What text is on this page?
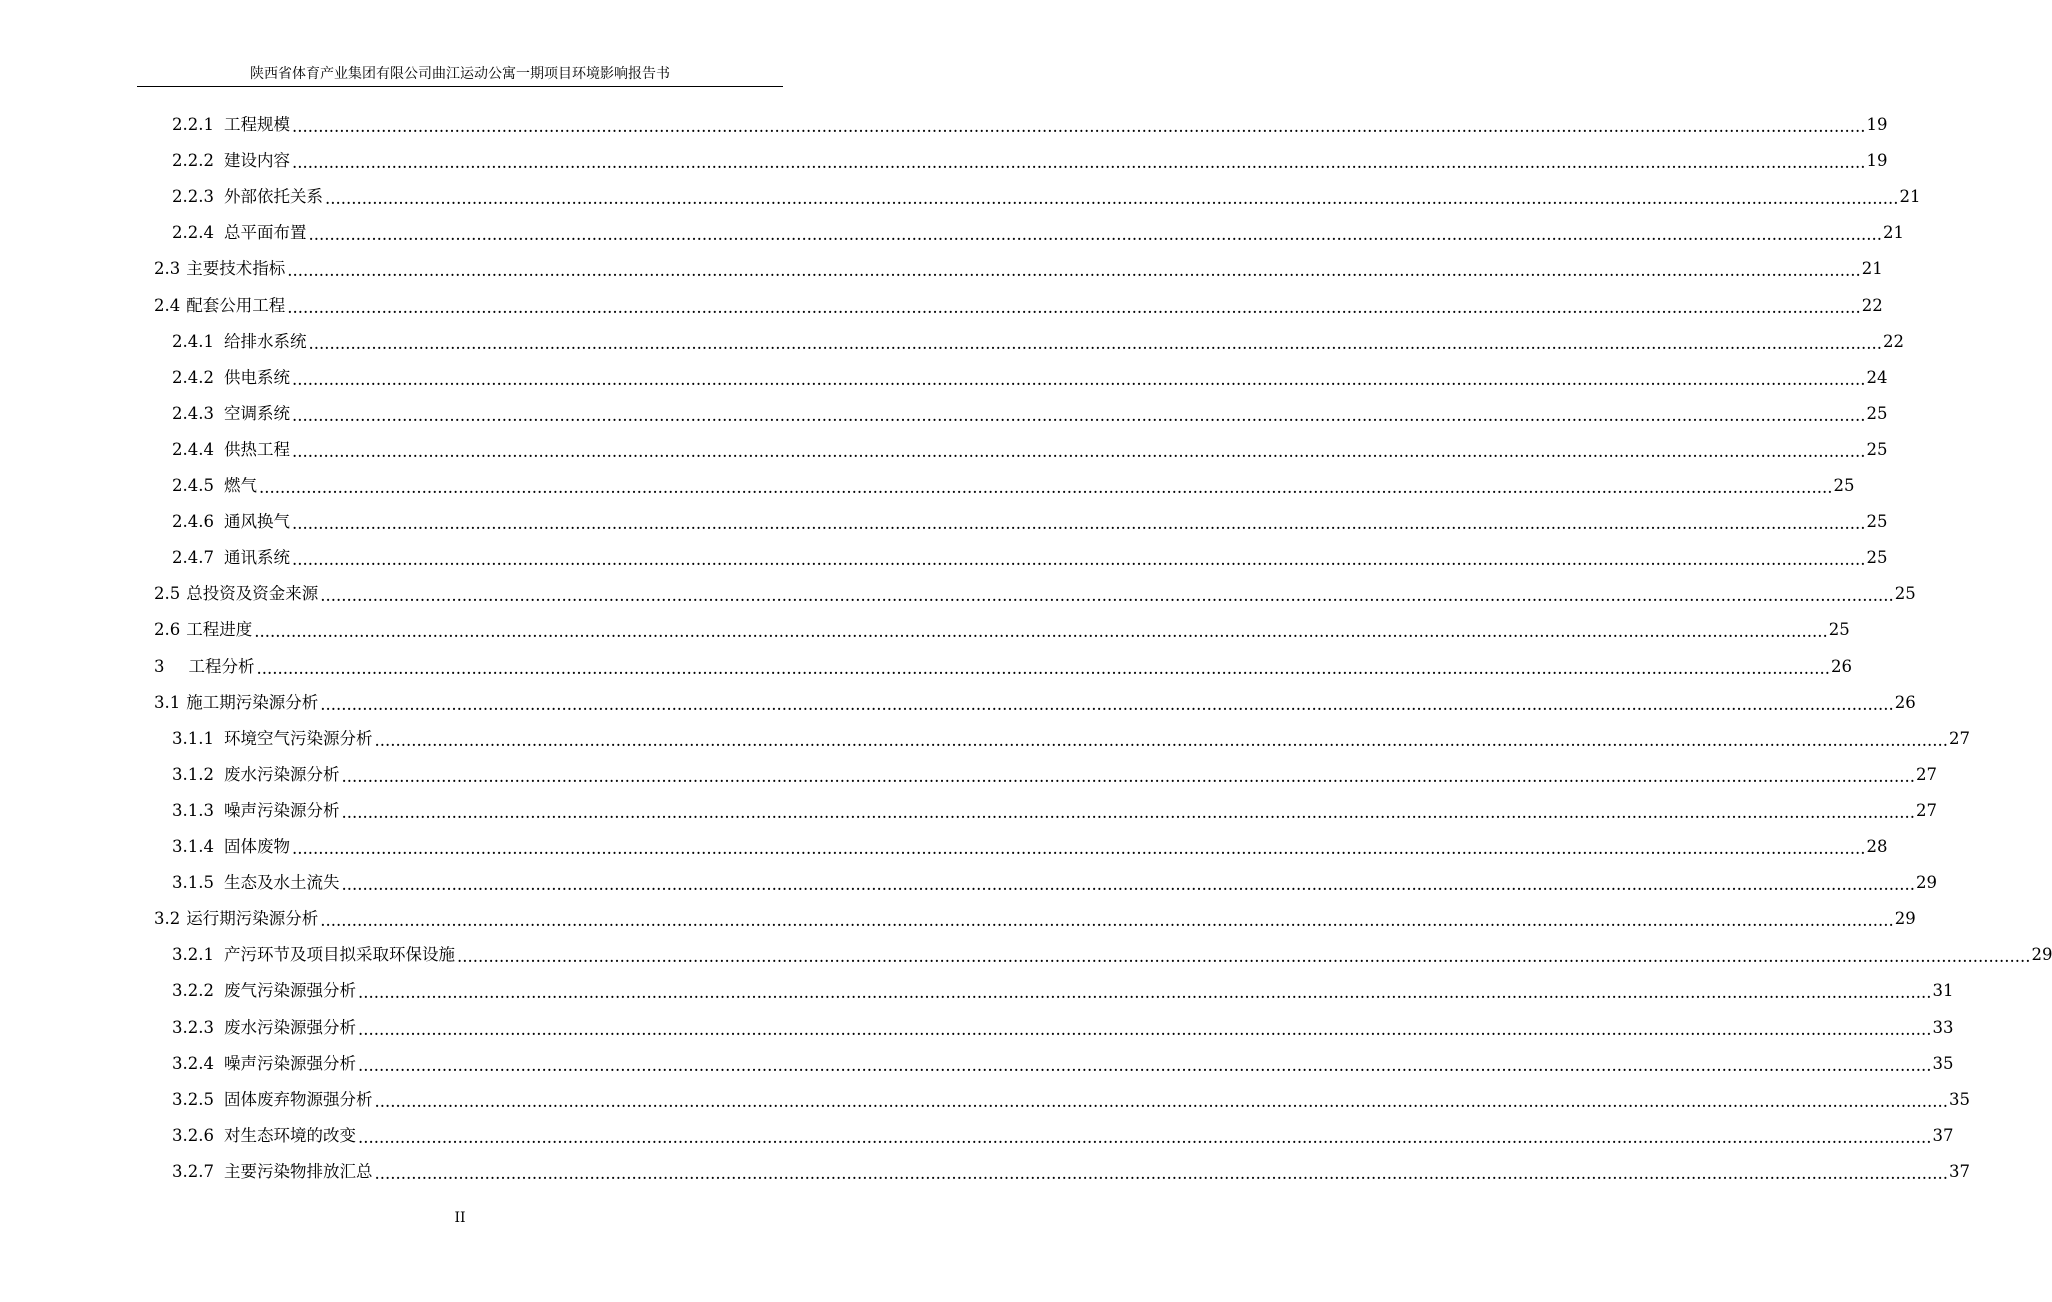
陕西省体育产业集团有限公司曲江运动公寓一期项目环境影响报告书
2.2.1 工程规模 ............................................................................................................................................................................................................................................................................................................ 19
2.2.2 建设内容 ............................................................................................................................................................................................................................................................................................................ 19
2.2.3 外部依托关系 ............................................................................................................................................................................................................................................................................................................ 21
2.2.4 总平面布置 ............................................................................................................................................................................................................................................................................................................ 21
2.3 主要技术指标 ............................................................................................................................................................................................................................................................................................................ 21
2.4 配套公用工程 ............................................................................................................................................................................................................................................................................................................ 22
2.4.1 给排水系统 ............................................................................................................................................................................................................................................................................................................ 22
2.4.2 供电系统 ............................................................................................................................................................................................................................................................................................................ 24
2.4.3 空调系统 ............................................................................................................................................................................................................................................................................................................ 25
2.4.4 供热工程 ............................................................................................................................................................................................................................................................................................................ 25
2.4.5 燃气 ............................................................................................................................................................................................................................................................................................................ 25
2.4.6 通风换气 ............................................................................................................................................................................................................................................................................................................ 25
2.4.7 通讯系统 ............................................................................................................................................................................................................................................................................................................ 25
2.5 总投资及资金来源 ............................................................................................................................................................................................................................................................................................................ 25
2.6 工程进度 ............................................................................................................................................................................................................................................................................................................ 25
3 工程分析 ............................................................................................................................................................................................................................................................................................................ 26
3.1 施工期污染源分析 ............................................................................................................................................................................................................................................................................................................ 26
3.1.1 环境空气污染源分析 ............................................................................................................................................................................................................................................................................................................ 27
3.1.2 废水污染源分析 ............................................................................................................................................................................................................................................................................................................ 27
3.1.3 噪声污染源分析 ............................................................................................................................................................................................................................................................................................................ 27
3.1.4 固体废物 ............................................................................................................................................................................................................................................................................................................ 28
3.1.5 生态及水土流失 ............................................................................................................................................................................................................................................................................................................ 29
3.2 运行期污染源分析 ............................................................................................................................................................................................................................................................................................................ 29
3.2.1 产污环节及项目拟采取环保设施 ............................................................................................................................................................................................................................................................................................................ 29
3.2.2 废气污染源强分析 ............................................................................................................................................................................................................................................................................................................ 31
3.2.3 废水污染源强分析 ............................................................................................................................................................................................................................................................................................................ 33
3.2.4 噪声污染源强分析 ............................................................................................................................................................................................................................................................................................................ 35
3.2.5 固体废弃物源强分析 ............................................................................................................................................................................................................................................................................................................ 35
3.2.6 对生态环境的改变 ............................................................................................................................................................................................................................................................................................................ 37
3.2.7 主要污染物排放汇总 ............................................................................................................................................................................................................................................................................................................ 37
II
